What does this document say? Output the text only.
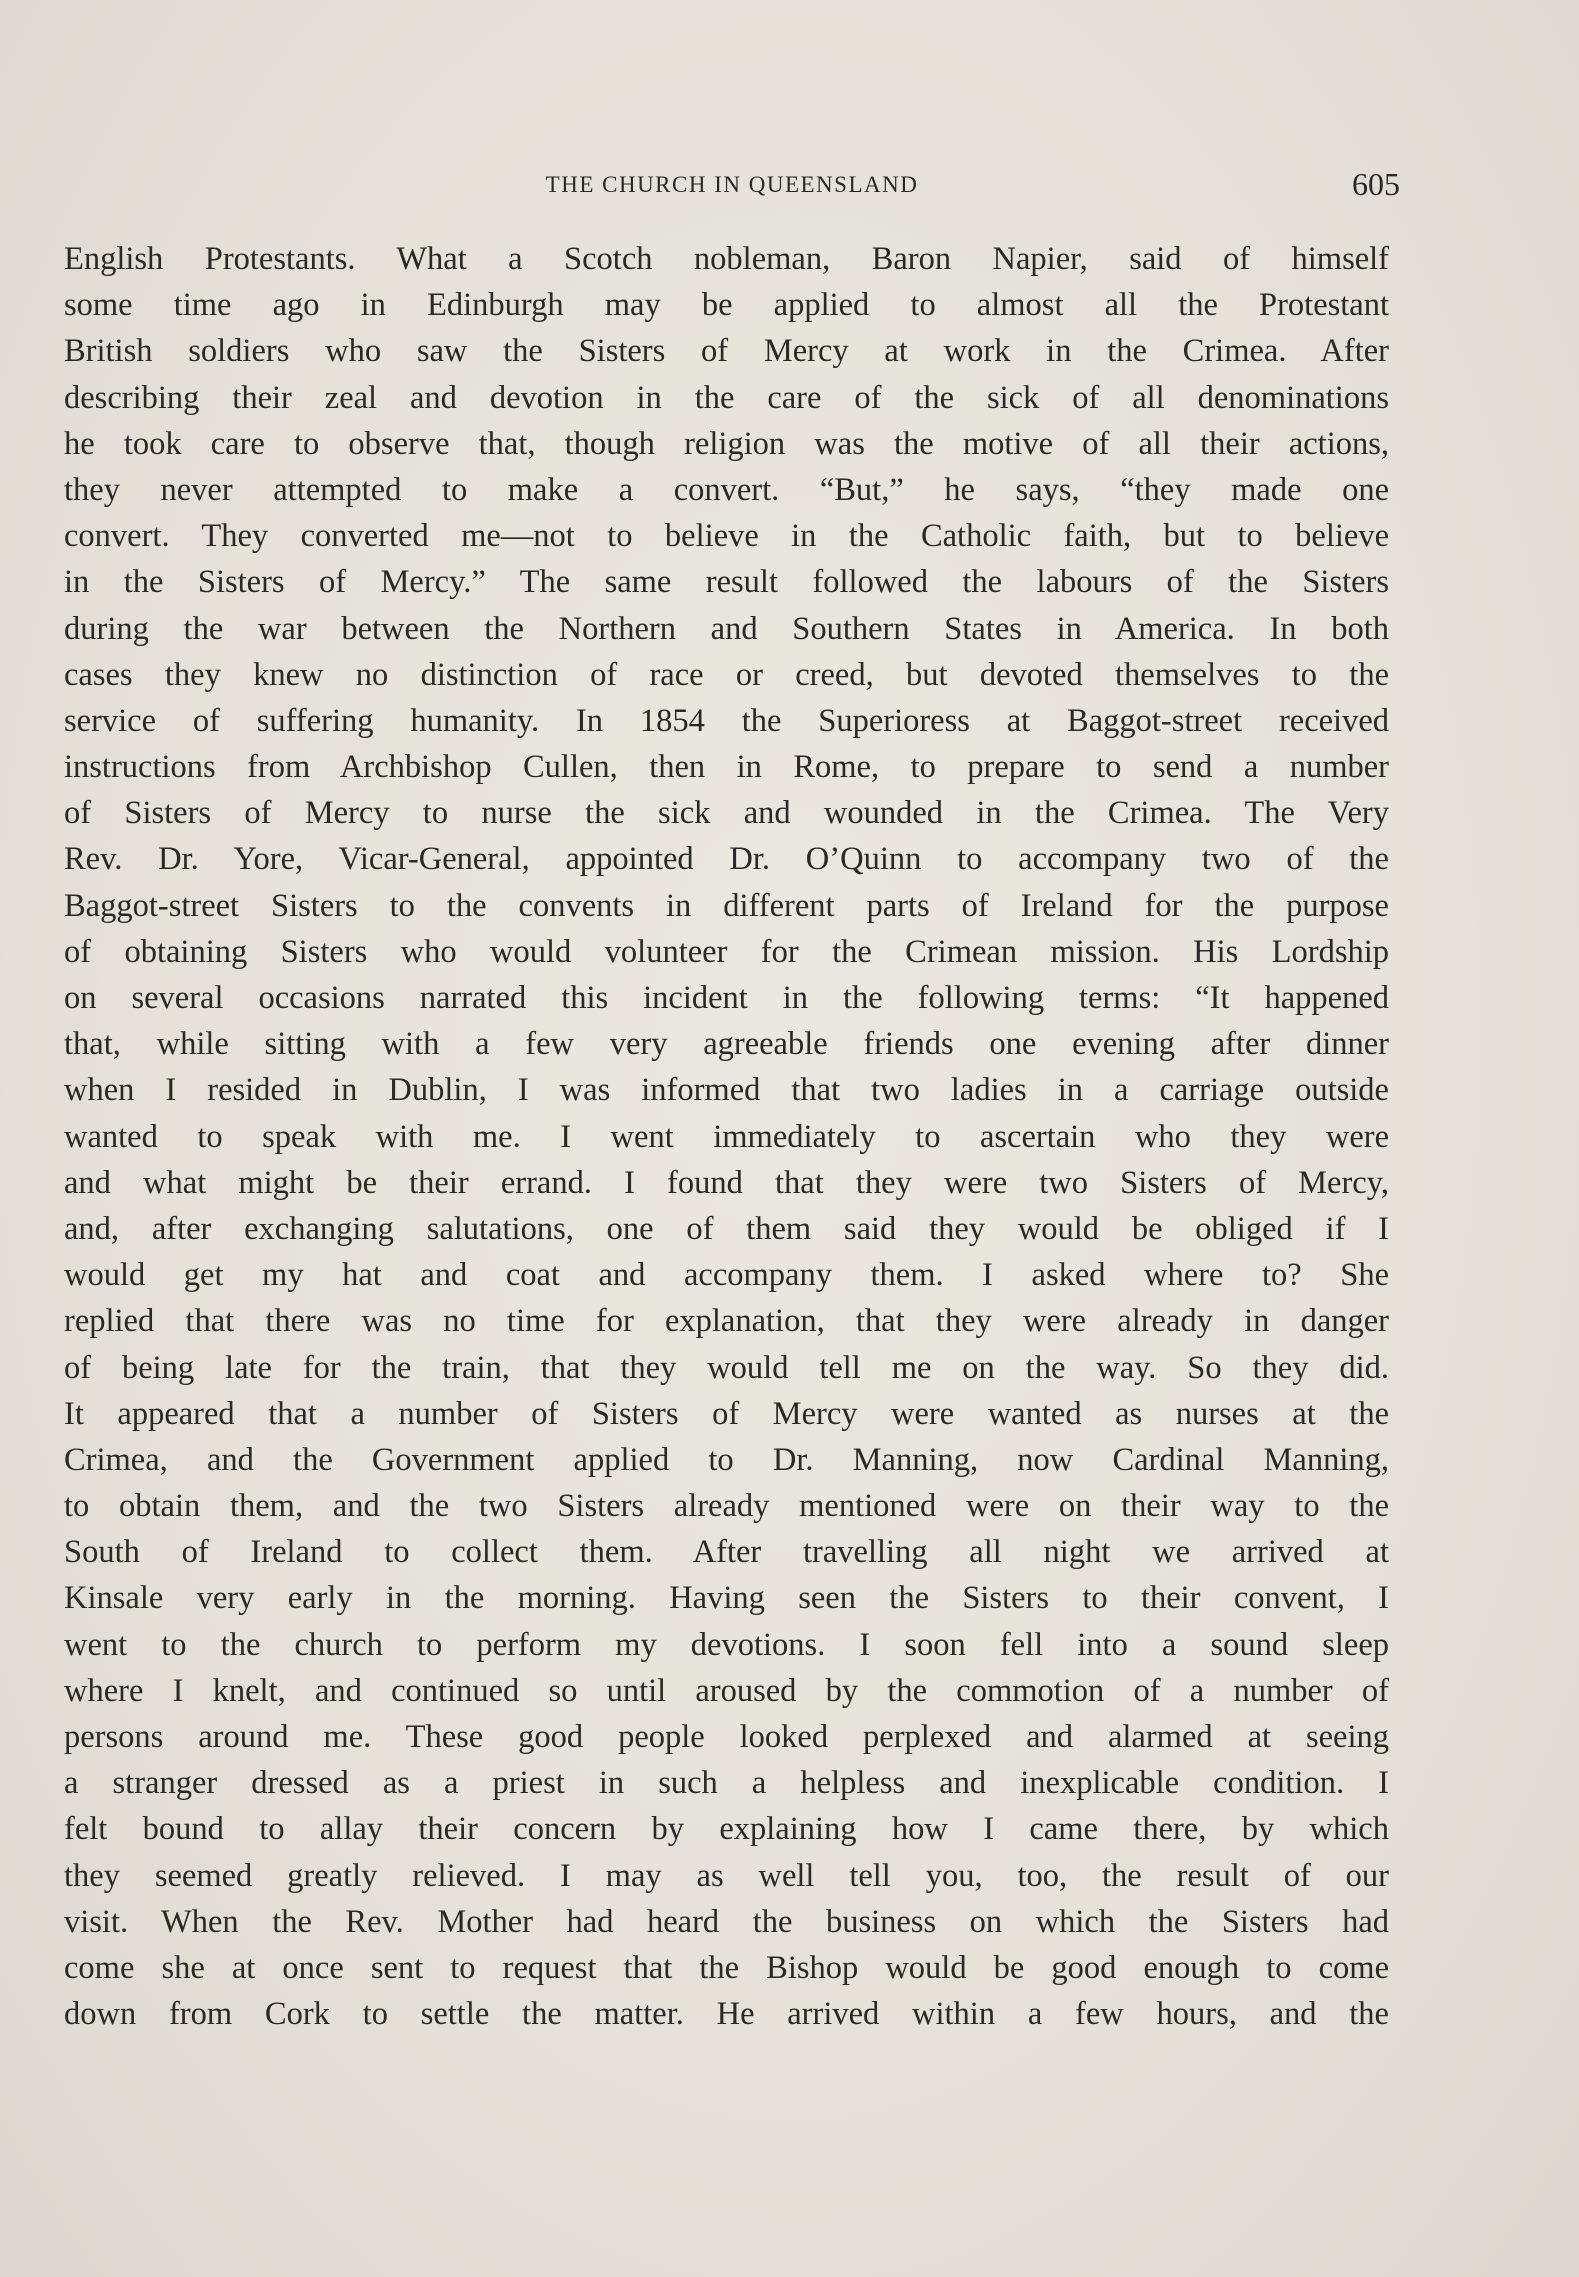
THE CHURCH IN QUEENSLAND	605
English Protestants. What a Scotch nobleman, Baron Napier, said of himself
some time ago in Edinburgh may be applied to almost all the Protestant
British soldiers who saw the Sisters of Mercy at work in the Crimea. After
describing their zeal and devotion in the care of the sick of all denominations
he took care to observe that, though religion was the motive of all their actions,
they never attempted to make a convert. “But,” he says, “they made one
convert. They converted me—not to believe in the Catholic faith, but to believe
in the Sisters of Mercy.” The same result followed the labours of the Sisters
during the war between the Northern and Southern States in America. In both
cases they knew no distinction of race or creed, but devoted themselves to the
service of suffering humanity. In 1854 the Superioress at Baggot-street received
instructions from Archbishop Cullen, then in Rome, to prepare to send a number
of Sisters of Mercy to nurse the sick and wounded in the Crimea. The Very
Rev. Dr. Yore, Vicar-General, appointed Dr. O’Quinn to accompany two of the
Baggot-street Sisters to the convents in different parts of Ireland for the purpose
of obtaining Sisters who would volunteer for the Crimean mission. His Lordship
on several occasions narrated this incident in the following terms: “It happened
that, while sitting with a few very agreeable friends one evening after dinner
when I resided in Dublin, I was informed that two ladies in a carriage outside
wanted to speak with me. I went immediately to ascertain who they were
and what might be their errand. I found that they were two Sisters of Mercy,
and, after exchanging salutations, one of them said they would be obliged if I
would get my hat and coat and accompany them. I asked where to? She
replied that there was no time for explanation, that they were already in danger
of being late for the train, that they would tell me on the way. So they did.
It appeared that a number of Sisters of Mercy were wanted as nurses at the
Crimea, and the Government applied to Dr. Manning, now Cardinal Manning,
to obtain them, and the two Sisters already mentioned were on their way to the
South of Ireland to collect them. After travelling all night we arrived at
Kinsale very early in the morning. Having seen the Sisters to their convent, I
went to the church to perform my devotions. I soon fell into a sound sleep
where I knelt, and continued so until aroused by the commotion of a number of
persons around me. These good people looked perplexed and alarmed at seeing
a stranger dressed as a priest in such a helpless and inexplicable condition. I
felt bound to allay their concern by explaining how I came there, by which
they seemed greatly relieved. I may as well tell you, too, the result of our
visit. When the Rev. Mother had heard the business on which the Sisters had
come she at once sent to request that the Bishop would be good enough to come
down from Cork to settle the matter. He arrived within a few hours, and the
